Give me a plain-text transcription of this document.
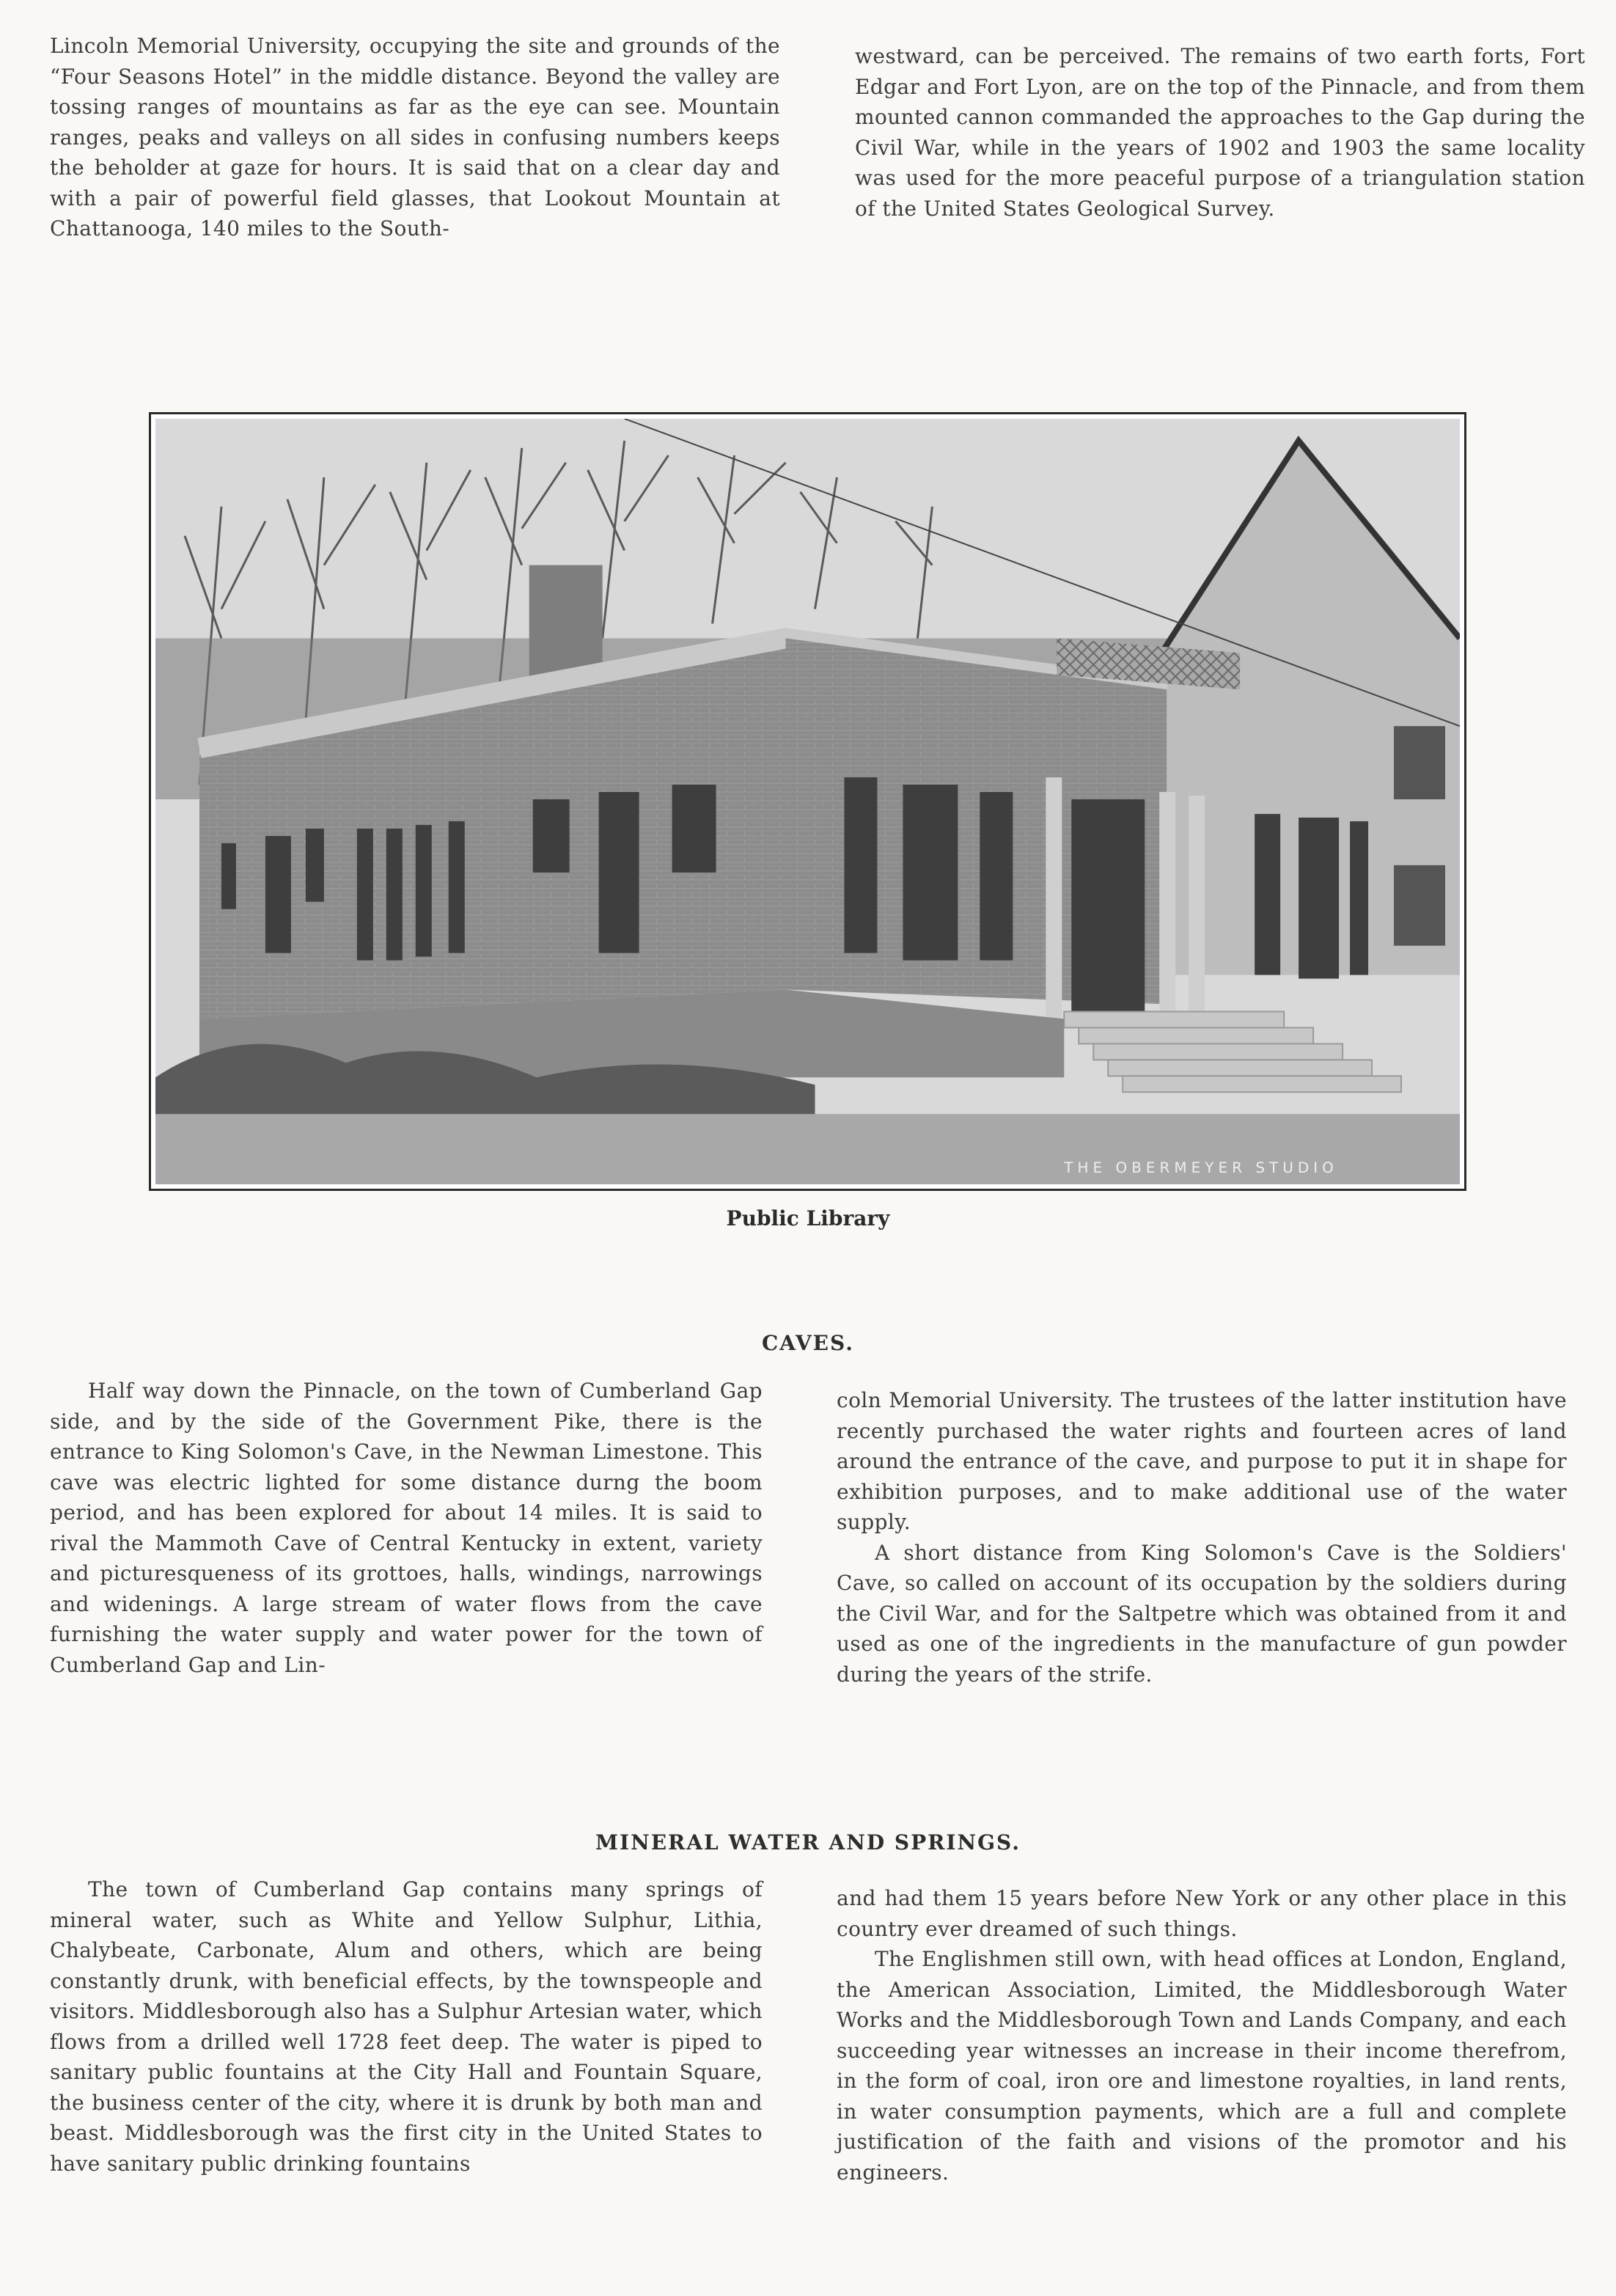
Lincoln Memorial University, occupying the site and grounds of the “Four Seasons Hotel” in the middle distance. Beyond the valley are tossing ranges of mountains as far as the eye can see. Mountain ranges, peaks and valleys on all sides in confusing numbers keeps the beholder at gaze for hours. It is said that on a clear day and with a pair of powerful field glasses, that Lookout Mountain at Chattanooga, 140 miles to the South-

westward, can be perceived. The remains of two earth forts, Fort Edgar and Fort Lyon, are on the top of the Pinnacle, and from them mounted cannon commanded the approaches to the Gap during the Civil War, while in the years of 1902 and 1903 the same locality was used for the more peaceful purpose of a triangulation station of the United States Geological Survey.

THE OBERMEYER STUDIO
Public Library
CAVES.

Half way down the Pinnacle, on the town of Cumberland Gap side, and by the side of the Government Pike, there is the entrance to King Solomon's Cave, in the Newman Limestone. This cave was electric lighted for some distance durng the boom period, and has been explored for about 14 miles. It is said to rival the Mammoth Cave of Central Kentucky in extent, variety and picturesqueness of its grottoes, halls, windings, narrowings and widenings. A large stream of water flows from the cave furnishing the water supply and water power for the town of Cumberland Gap and Lin-

coln Memorial University. The trustees of the latter institution have recently purchased the water rights and fourteen acres of land around the entrance of the cave, and purpose to put it in shape for exhibition purposes, and to make additional use of the water supply.

A short distance from King Solomon's Cave is the Soldiers' Cave, so called on account of its occupation by the soldiers during the Civil War, and for the Saltpetre which was obtained from it and used as one of the ingredients in the manufacture of gun powder during the years of the strife.

MINERAL WATER AND SPRINGS.

The town of Cumberland Gap contains many springs of mineral water, such as White and Yellow Sulphur, Lithia, Chalybeate, Carbonate, Alum and others, which are being constantly drunk, with beneficial effects, by the townspeople and visitors. Middlesborough also has a Sulphur Artesian water, which flows from a drilled well 1728 feet deep. The water is piped to sanitary public fountains at the City Hall and Fountain Square, the business center of the city, where it is drunk by both man and beast. Middlesborough was the first city in the United States to have sanitary public drinking fountains

and had them 15 years before New York or any other place in this country ever dreamed of such things.

The Englishmen still own, with head offices at London, England, the American Association, Limited, the Middlesborough Water Works and the Middlesborough Town and Lands Company, and each succeeding year witnesses an increase in their income therefrom, in the form of coal, iron ore and limestone royalties, in land rents, in water consumption payments, which are a full and complete justification of the faith and visions of the promotor and his engineers.
